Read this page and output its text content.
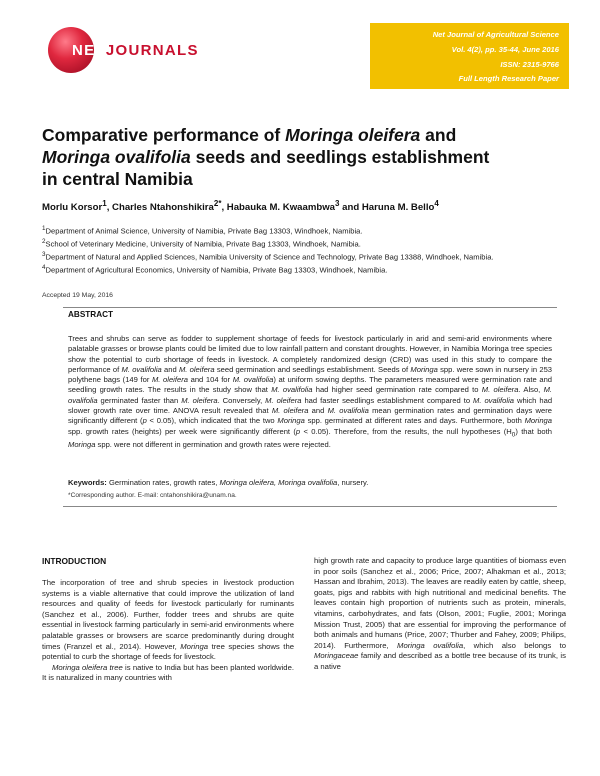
NETJOURNALS
Net Journal of Agricultural Science
Vol. 4(2), pp. 35-44, June 2016
ISSN: 2315-9766
Full Length Research Paper
Comparative performance of Moringa oleifera and
Moringa ovalifolia seeds and seedlings establishment
in central Namibia
Morlu Korsor$^1$, Charles Ntahonshikira$^{2*}$, Habauka M. Kwaambwa$^3$ and Haruna M. Bello$^4$
$^1$Department of Animal Science, University of Namibia, Private Bag 13303, Windhoek, Namibia.
$^2$School of Veterinary Medicine, University of Namibia, Private Bag 13303, Windhoek, Namibia.
$^3$Department of Natural and Applied Sciences, Namibia University of Science and Technology, Private Bag 13388, Windhoek, Namibia.
$^4$Department of Agricultural Economics, University of Namibia, Private Bag 13303, Windhoek, Namibia.
Accepted 19 May, 2016
ABSTRACT
Trees and shrubs can serve as fodder to supplement shortage of feeds for livestock particularly in arid and semi-arid environments where palatable grasses or browse plants could be limited due to low rainfall pattern and constant droughts. However, in Namibia Moringa tree species show the potential to curb shortage of feeds in livestock. A completely randomized design (CRD) was used in this study to compare the performance of M. ovalifolia and M. oleifera seed germination and seedlings establishment. Seeds of Moringa spp. were sown in nursery in 253 polythene bags (149 for M. oleifera and 104 for M. ovalifolia) at uniform sowing depths. The parameters measured were germination rate and seedling growth rates. The results in the study show that M. ovalifolia had higher seed germination rate compared to M. oleifera. Also, M. ovalifolia germinated faster than M. oleifera. Conversely, M. oleifera had faster seedlings establishment compared to M. ovalifolia which had slower growth rate over time. ANOVA result revealed that M. oleifera and M. ovalifolia mean germination rates and germination days were significantly different (p < 0.05), which indicated that the two Moringa spp. germinated at different rates and days. Furthermore, both Moringa spp. growth rates (heights) per week were significantly different (p < 0.05). Therefore, from the results, the null hypotheses $(H_0)$ that both Moringa spp. were not different in germination and growth rates were rejected.
Keywords: Germination rates, growth rates, Moringa oleifera, Moringa ovalifolia, nursery.
*Corresponding author. E-mail: cntahonshikira@unam.na.
INTRODUCTION

The incorporation of tree and shrub species in livestock production systems is a viable alternative that could improve the utilization of land resources and quality of feeds for livestock particularly for ruminants (Sanchez et al., 2006). Further, fodder trees and shrubs are quite essential in livestock farming particularly in semi-arid environments where palatable grasses or browsers are scarce predominantly during drought times (Franzel et al., 2014). However, Moringa tree species shows the potential to curb the shortage of feeds for livestock.

Moringa oleifera tree is native to India but has been planted worldwide. It is naturalized in many countries with

high growth rate and capacity to produce large quantities of biomass even in poor soils (Sanchez et al., 2006; Price, 2007; Alhakman et al., 2013; Hassan and Ibrahim, 2013). The leaves are readily eaten by cattle, sheep, goats, pigs and rabbits with high nutritional and medicinal benefits. The leaves contain high proportion of nutrients such as protein, minerals, vitamins, carbohydrates, and fats (Olson, 2001; Fuglie, 2001; Moringa Mission Trust, 2005) that are essential for improving the performance of both animals and humans (Price, 2007; Thurber and Fahey, 2009; Philips, 2014). Furthermore, Moringa ovalifolia, which also belongs to Moringaceae family and described as a bottle tree because of its trunk, is a native
